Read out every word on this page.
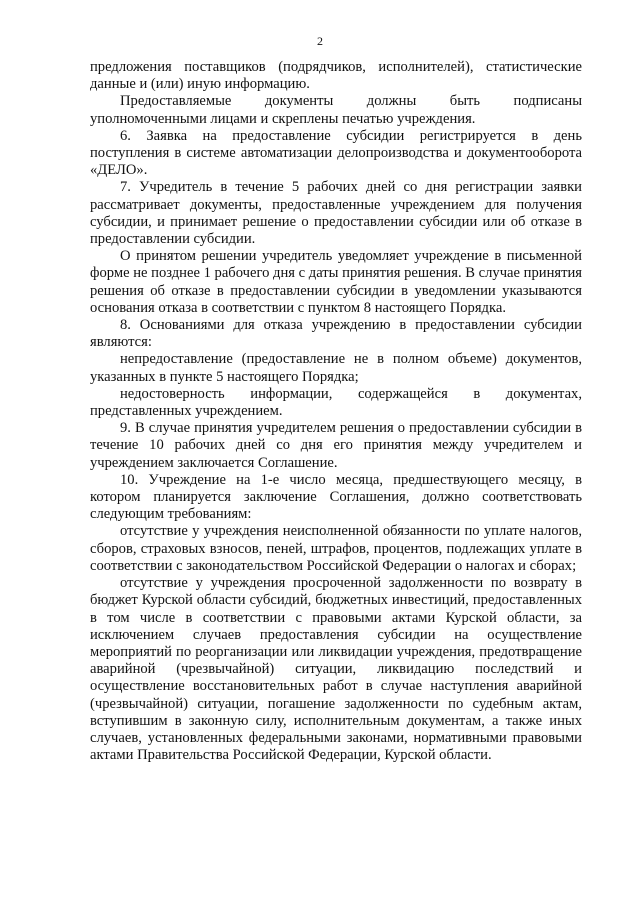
2

предложения поставщиков (подрядчиков, исполнителей), статистические данные и (или) иную информацию.

Предоставляемые документы должны быть подписаны уполномоченными лицами и скреплены печатью учреждения.

6. Заявка на предоставление субсидии регистрируется в день поступления в системе автоматизации делопроизводства и документооборота «ДЕЛО».

7. Учредитель в течение 5 рабочих дней со дня регистрации заявки рассматривает документы, предоставленные учреждением для получения субсидии, и принимает решение о предоставлении субсидии или об отказе в предоставлении субсидии.

О принятом решении учредитель уведомляет учреждение в письменной форме не позднее 1 рабочего дня с даты принятия решения. В случае принятия решения об отказе в предоставлении субсидии в уведомлении указываются основания отказа в соответствии с пунктом 8 настоящего Порядка.

8. Основаниями для отказа учреждению в предоставлении субсидии являются:

непредоставление (предоставление не в полном объеме) документов, указанных в пункте 5 настоящего Порядка;

недостоверность информации, содержащейся в документах, представленных учреждением.

9. В случае принятия учредителем решения о предоставлении субсидии в течение 10 рабочих дней со дня его принятия между учредителем и учреждением заключается Соглашение.

10. Учреждение на 1-е число месяца, предшествующего месяцу, в котором планируется заключение Соглашения, должно соответствовать следующим требованиям:

отсутствие у учреждения неисполненной обязанности по уплате налогов, сборов, страховых взносов, пеней, штрафов, процентов, подлежащих уплате в соответствии с законодательством Российской Федерации о налогах и сборах;

отсутствие у учреждения просроченной задолженности по возврату в бюджет Курской области субсидий, бюджетных инвестиций, предоставленных в том числе в соответствии с правовыми актами Курской области, за исключением случаев предоставления субсидии на осуществление мероприятий по реорганизации или ликвидации учреждения, предотвращение аварийной (чрезвычайной) ситуации, ликвидацию последствий и осуществление восстановительных работ в случае наступления аварийной (чрезвычайной) ситуации, погашение задолженности по судебным актам, вступившим в законную силу, исполнительным документам, а также иных случаев, установленных федеральными законами, нормативными правовыми актами Правительства Российской Федерации, Курской области.
